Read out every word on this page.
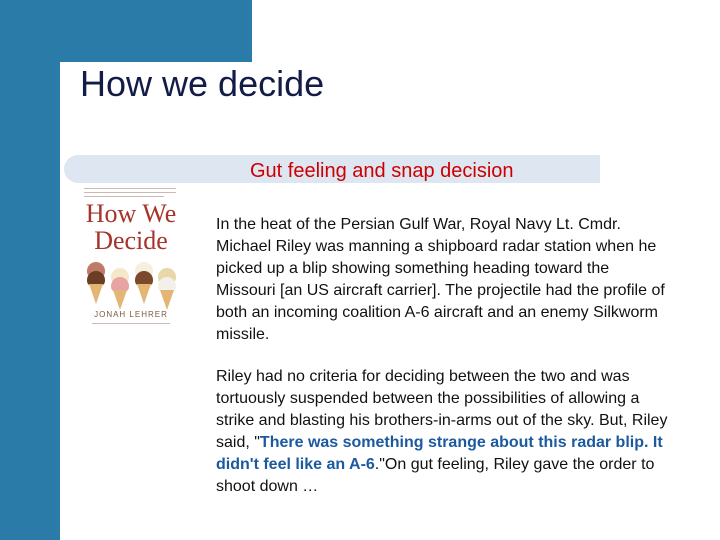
How we decide
Gut feeling and snap decision
How We
Decide
JONAH LEHRER
In the heat of the Persian Gulf War, Royal Navy Lt. Cmdr. Michael Riley was manning a shipboard radar station when he picked up a blip showing something heading toward the Missouri [an US aircraft carrier]. The projectile had the profile of both an incoming coalition A-6 aircraft and an enemy Silkworm missile.
Riley had no criteria for deciding between the two and was tortuously suspended between the possibilities of allowing a strike and blasting his brothers-in-arms out of the sky. But, Riley said, "There was something strange about this radar blip. It didn't feel like an A-6."On gut feeling, Riley gave the order to shoot down …
